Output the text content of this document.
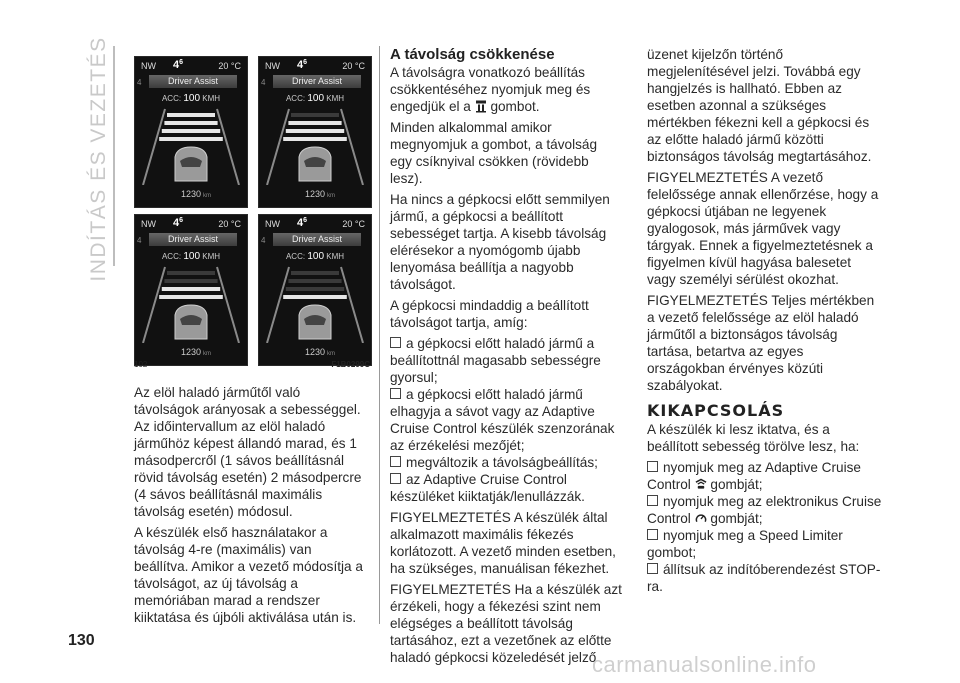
INDÍTÁS ÉS VEZETÉS	NW $4^6$	20 °C
4	Driver Assist
ACC: 100 KMH
1230 km
NW $4^6$	20 °C
4	Driver Assist
ACC: 100 KMH
1230 km
NW $4^6$	20 °C
4	Driver Assist
ACC: 100 KMH
1230 km
NW $4^6$	20 °C
4	Driver Assist
ACC: 100 KMH
1230 km
102	F1B0299C

Az elöl haladó járműtől való távolságok arányosak a sebességgel. Az időintervallum az elöl haladó járműhöz képest állandó marad, és 1 másodpercről (1 sávos beállításnál rövid távolság esetén) 2 másodpercre (4 sávos beállításnál maximális távolság esetén) módosul.

A készülék első használatakor a távolság 4-re (maximális) van beállítva. Amikor a vezető módosítja a távolságot, az új távolság a memóriában marad a rendszer kiiktatása és újbóli aktiválása után is.

A távolság csökkenése

A távolságra vonatkozó beállítás csökkentéséhez nyomjuk meg és engedjük el a gombot.

Minden alkalommal amikor megnyomjuk a gombot, a távolság egy csíknyival csökken (rövidebb lesz).

Ha nincs a gépkocsi előtt semmilyen jármű, a gépkocsi a beállított sebességet tartja. A kisebb távolság elérésekor a nyomógomb újabb lenyomása beállítja a nagyobb távolságot.

A gépkocsi mindaddig a beállított távolságot tartja, amíg:

a gépkocsi előtt haladó jármű a beállítottnál magasabb sebességre gyorsul;
a gépkocsi előtt haladó jármű elhagyja a sávot vagy az Adaptive Cruise Control készülék szenzorának az érzékelési mezőjét;
megváltozik a távolságbeállítás;
az Adaptive Cruise Control készüléket kiiktatják/lenullázzák.

FIGYELMEZTETÉS A készülék által alkalmazott maximális fékezés korlátozott. A vezető minden esetben, ha szükséges, manuálisan fékezhet.

FIGYELMEZTETÉS Ha a készülék azt érzékeli, hogy a fékezési szint nem elégséges a beállított távolság tartásához, ezt a vezetőnek az előtte haladó gépkocsi közeledését jelző

üzenet kijelzőn történő megjelenítésével jelzi. Továbbá egy hangjelzés is hallható. Ebben az esetben azonnal a szükséges mértékben fékezni kell a gépkocsi és az előtte haladó jármű közötti biztonságos távolság megtartásához.

FIGYELMEZTETÉS A vezető felelőssége annak ellenőrzése, hogy a gépkocsi útjában ne legyenek gyalogosok, más járművek vagy tárgyak. Ennek a figyelmeztetésnek a figyelmen kívül hagyása balesetet vagy személyi sérülést okozhat.

FIGYELMEZTETÉS Teljes mértékben a vezető felelőssége az elöl haladó járműtől a biztonságos távolság tartása, betartva az egyes országokban érvényes közúti szabályokat.

KIKAPCSOLÁS

A készülék ki lesz iktatva, és a beállított sebesség törölve lesz, ha:

nyomjuk meg az Adaptive Cruise Control gombját;
nyomjuk meg az elektronikus Cruise Control gombját;
nyomjuk meg a Speed Limiter gombot;
állítsuk az indítóberendezést STOP-ra.

130
carmanualsonline.info
